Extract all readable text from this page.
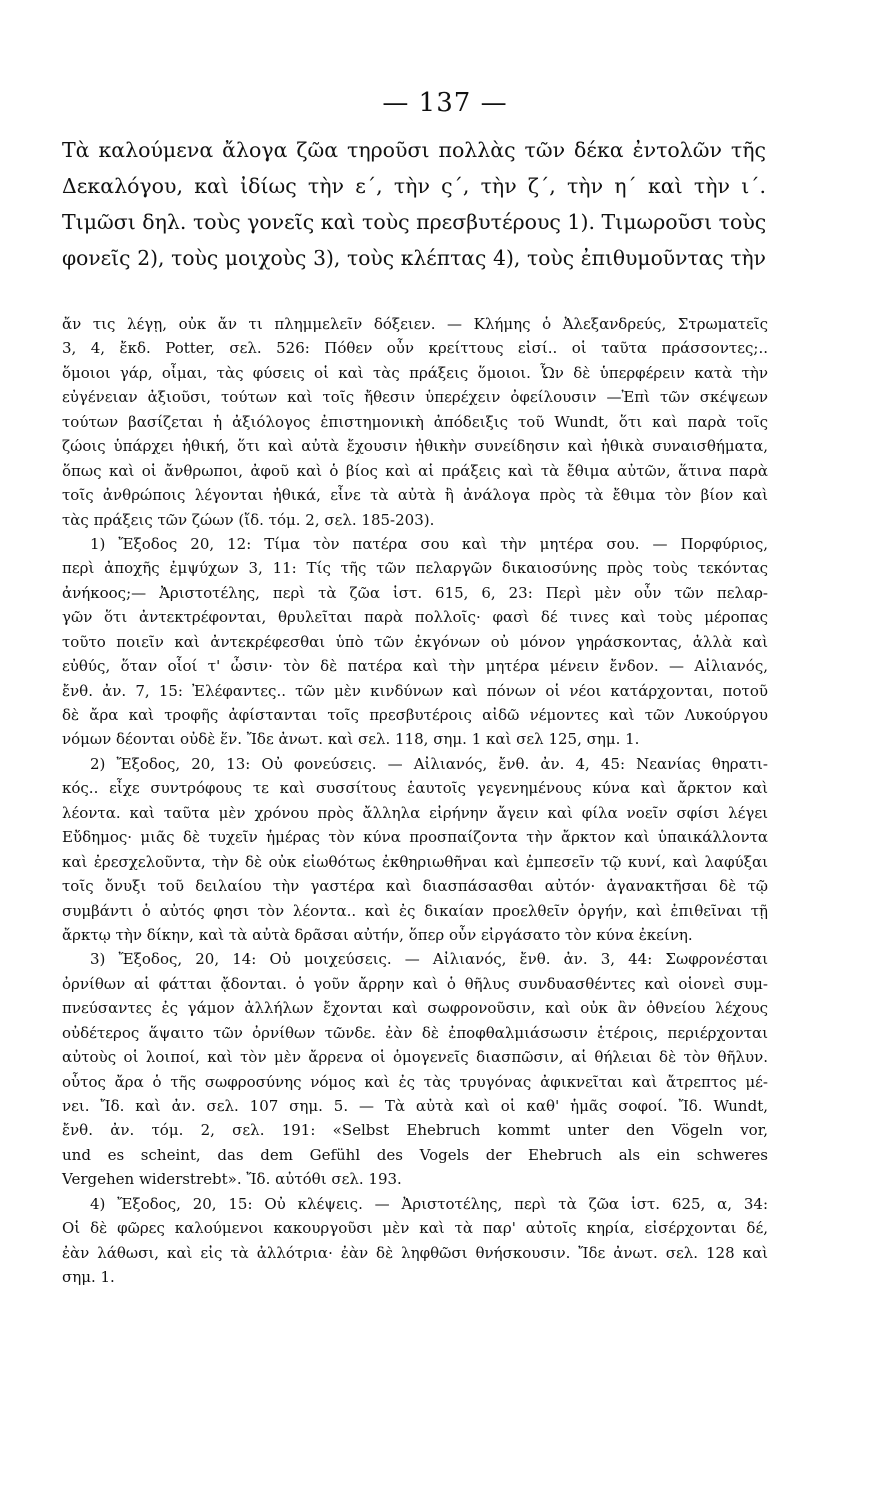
— 137 —
Τὰ καλούμενα ἄλογα ζῶα τηροῦσι πολλὰς τῶν δέκα ἐντολῶν τῆς
Δεκαλόγου, καὶ ἰδίως τὴν ε΄, τὴν ς΄, τὴν ζ΄, τὴν η΄ καὶ τὴν ι΄.
Τιμῶσι δηλ. τοὺς γονεῖς καὶ τοὺς πρεσβυτέρους 1). Τιμωροῦσι τοὺς
φονεῖς 2), τοὺς μοιχοὺς 3), τοὺς κλέπτας 4), τοὺς ἐπιθυμοῦντας τὴν
ἄν τις λέγῃ, οὐκ ἄν τι πλημμελεῖν δόξειεν. — Κλήμης ὁ Ἀλεξανδρεύς, Στρωματεῖς
3, 4, ἔκδ. Potter, σελ. 526: Πόθεν οὖν κρείττους εἰσί.. οἱ ταῦτα πράσσοντες;..
ὅμοιοι γάρ, οἶμαι, τὰς φύσεις οἱ καὶ τὰς πράξεις ὅμοιοι. Ὧν δὲ ὑπερφέρειν κατὰ τὴν
εὐγένειαν ἀξιοῦσι, τούτων καὶ τοῖς ἤθεσιν ὑπερέχειν ὀφείλουσιν —Ἐπὶ τῶν σκέψεων
τούτων βασίζεται ἡ ἀξιόλογος ἐπιστημονικὴ ἀπόδειξις τοῦ Wundt, ὅτι καὶ παρὰ τοῖς
ζώοις ὑπάρχει ἠθική, ὅτι καὶ αὐτὰ ἔχουσιν ἠθικὴν συνείδησιν καὶ ἠθικὰ συναισθήματα,
ὅπως καὶ οἱ ἄνθρωποι, ἀφοῦ καὶ ὁ βίος καὶ αἱ πράξεις καὶ τὰ ἔθιμα αὐτῶν, ἅτινα παρὰ
τοῖς ἀνθρώποις λέγονται ἠθικά, εἶνε τὰ αὐτὰ ἢ ἀνάλογα πρὸς τὰ ἔθιμα τὸν βίον καὶ
τὰς πράξεις τῶν ζώων (ἴδ. τόμ. 2, σελ. 185-203).
1) Ἔξοδος 20, 12: Τίμα τὸν πατέρα σου καὶ τὴν μητέρα σου. — Πορφύριος,
περὶ ἀποχῆς ἐμψύχων 3, 11: Τίς τῆς τῶν πελαργῶν δικαιοσύνης πρὸς τοὺς τεκόντας
ἀνήκοος;— Ἀριστοτέλης, περὶ τὰ ζῶα ἱστ. 615, 6, 23: Περὶ μὲν οὖν τῶν πελαρ-
γῶν ὅτι ἀντεκτρέφονται, θρυλεῖται παρὰ πολλοῖς· φασὶ δέ τινες καὶ τοὺς μέροπας
τοῦτο ποιεῖν καὶ ἀντεκρέφεσθαι ὑπὸ τῶν ἐκγόνων οὐ μόνον γηράσκοντας, ἀλλὰ καὶ
εὐθύς, ὅταν οἷοί τ' ὦσιν· τὸν δὲ πατέρα καὶ τὴν μητέρα μένειν ἔνδον. — Αἰλιανός,
ἔνθ. ἀν. 7, 15: Ἐλέφαντες.. τῶν μὲν κινδύνων καὶ πόνων οἱ νέοι κατάρχονται, ποτοῦ
δὲ ἄρα καὶ τροφῆς ἀφίστανται τοῖς πρεσβυτέροις αἰδῶ νέμοντες καὶ τῶν Λυκούργου
νόμων δέονται οὐδὲ ἕν. Ἴδε ἀνωτ. καὶ σελ. 118, σημ. 1 καὶ σελ 125, σημ. 1.
2) Ἔξοδος, 20, 13: Οὐ φονεύσεις. — Αἰλιανός, ἔνθ. ἀν. 4, 45: Νεανίας θηρατι-
κός.. εἶχε συντρόφους τε καὶ συσσίτους ἑαυτοῖς γεγενημένους κύνα καὶ ἄρκτον καὶ
λέοντα. καὶ ταῦτα μὲν χρόνου πρὸς ἄλληλα εἰρήνην ἄγειν καὶ φίλα νοεῖν σφίσι λέγει
Εὔδημος· μιᾶς δὲ τυχεῖν ἡμέρας τὸν κύνα προσπαίζοντα τὴν ἄρκτον καὶ ὑπαικάλλοντα
καὶ ἐρεσχελοῦντα, τὴν δὲ οὐκ εἰωθότως ἐκθηριωθῆναι καὶ ἐμπεσεῖν τῷ κυνί, καὶ λαφύξαι
τοῖς ὄνυξι τοῦ δειλαίου τὴν γαστέρα καὶ διασπάσασθαι αὐτόν· ἀγανακτῆσαι δὲ τῷ
συμβάντι ὁ αὐτός φησι τὸν λέοντα.. καὶ ἐς δικαίαν προελθεῖν ὀργήν, καὶ ἐπιθεῖναι τῇ
ἄρκτῳ τὴν δίκην, καὶ τὰ αὐτὰ δρᾶσαι αὐτήν, ὅπερ οὖν εἰργάσατο τὸν κύνα ἐκείνη.
3) Ἔξοδος, 20, 14: Οὐ μοιχεύσεις. — Αἰλιανός, ἔνθ. ἀν. 3, 44: Σωφρονέσται
ὀρνίθων αἱ φάτται ᾄδονται. ὁ γοῦν ἄρρην καὶ ὁ θῆλυς συνδυασθέντες καὶ οἱονεὶ συμ-
πνεύσαντες ἐς γάμον ἀλλήλων ἔχονται καὶ σωφρονοῦσιν, καὶ οὐκ ἂν ὀθνείου λέχους
οὐδέτερος ἅψαιτο τῶν ὀρνίθων τῶνδε. ἐὰν δὲ ἐποφθαλμιάσωσιν ἑτέροις, περιέρχονται
αὐτοὺς οἱ λοιποί, καὶ τὸν μὲν ἄρρενα οἱ ὁμογενεῖς διασπῶσιν, αἱ θήλειαι δὲ τὸν θῆλυν.
οὗτος ἄρα ὁ τῆς σωφροσύνης νόμος καὶ ἐς τὰς τρυγόνας ἀφικνεῖται καὶ ἄτρεπτος μέ-
νει. Ἴδ. καὶ ἀν. σελ. 107 σημ. 5. — Τὰ αὐτὰ καὶ οἱ καθ' ἡμᾶς σοφοί. Ἴδ. Wundt,
ἔνθ. ἀν. τόμ. 2, σελ. 191: «Selbst Ehebruch kommt unter den Vögeln vor,
und es scheint, das dem Gefühl des Vogels der Ehebruch als ein schweres
Vergehen widerstrebt». Ἴδ. αὐτόθι σελ. 193.
4) Ἔξοδος, 20, 15: Οὐ κλέψεις. — Ἀριστοτέλης, περὶ τὰ ζῶα ἱστ. 625, α, 34:
Οἱ δὲ φῶρες καλούμενοι κακουργοῦσι μὲν καὶ τὰ παρ' αὐτοῖς κηρία, εἰσέρχονται δέ,
ἐὰν λάθωσι, καὶ εἰς τὰ ἀλλότρια· ἐὰν δὲ ληφθῶσι θνήσκουσιν. Ἴδε ἀνωτ. σελ. 128 καὶ
σημ. 1.
